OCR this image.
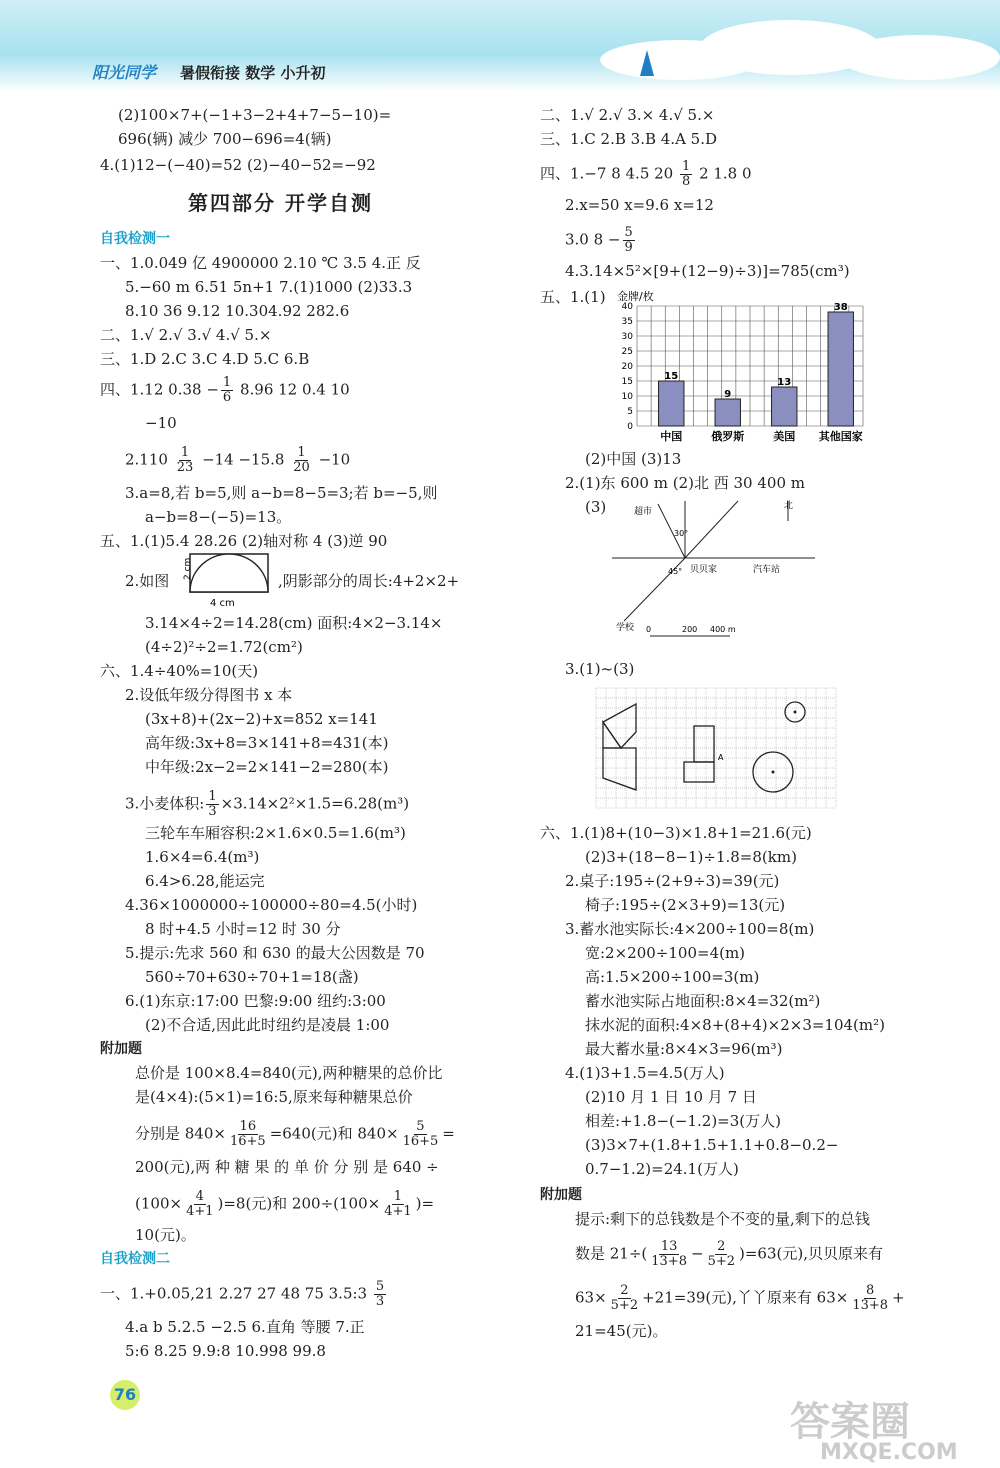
阳光同学 暑假衔接 数学 小升初
(2)100×7+(−1+3−2+4+7−5−10)=
696(辆) 减少 700−696=4(辆)
4.(1)12−(−40)=52 (2)−40−52=−92
第四部分 开学自测
自我检测一
一、1.0.049 亿 4900000 2.10 ℃ 3.5 4.正 反
5.−60 m 6.51 5n+1 7.(1)1000 (2)33.3
8.10 36 9.12 10.304.92 282.6
二、1.√ 2.√ 3.√ 4.√ 5.×
三、1.D 2.C 3.C 4.D 5.C 6.B
四、1.12 $0.38 - \frac{1}{6} 8.96$ 12 0.4 10
−10
$2.110 \frac{1}{23} -14 -15.8 \frac{1}{20} -10$
3.a=8,若 b=5,则 a−b=8−5=3;若 b=−5,则
a−b=8−(−5)=13。
五、1.(1)5.4 28.26 (2)轴对称 4 (3)逆 90
2.如图
4 cm
2 cm
,阴影部分的周长:4+2×2+
3.14×4÷2=14.28(cm) 面积:4×2−3.14×
(4÷2)²÷2=1.72(cm²)
六、1.4÷40%=10(天)
2.设低年级分得图书 x 本
(3x+8)+(2x−2)+x=852 x=141
高年级:3x+8=3×141+8=431(本)
中年级:2x−2=2×141−2=280(本)
3.小麦体积: $\frac{1}{3} \times 3.14\times 2^2\times 1.5=6.28(m^3)$
三轮车车厢容积:2×1.6×0.5=1.6(m³)
1.6×4=6.4(m³)
6.4>6.28,能运完
4.36×1000000÷100000÷80=4.5(小时)
8 时+4.5 小时=12 时 30 分
5.提示:先求 560 和 630 的最大公因数是 70
560÷70+630÷70+1=18(盏)
6.(1)东京:17:00 巴黎:9:00 纽约:3:00
(2)不合适,因此此时纽约是凌晨 1:00
附加题
总价是 100×8.4=840(元),两种糖果的总价比
是(4×4):(5×1)=16:5,原来每种糖果总价
分别是 $840\times \frac{16}{16+5} =640$(元)和 $840\times \frac{5}{16+5}$ =
200(元),两 种 糖 果 的 单 价 分 别 是 640 ÷
$(100\times \frac{4}{4+1} )=8$(元)和 $200\div(100\times \frac{1}{4+1}$ )=
10(元)。
自我检测二
一、1.+0.05,21 2.27 27 48 75 3.5:3 $\frac{5}{3}$
4.a b 5.2.5 −2.5 6.直角 等腰 7.正
5:6 8.25 9.9:8 10.998 99.8
二、1.√ 2.√ 3.× 4.√ 5.×
三、1.C 2.B 3.B 4.A 5.D
四、1.−7 8 4.5 $20 \frac{1}{8} 2$ 1.8 0
2.x=50 x=9.6 x=12
3.0 $8 - \frac{5}{9}$
4.3.14×5²×[9+(12−9)÷3)]=785(cm³)
五、1.(1) 金牌/枚
0
5
10
15
20
25
30
35
40
15
9
13
38
中国	俄罗斯	美国 其他国家
(2)中国 (3)13
2.(1)东 600 m (2)北 西 30 400 m
(3)	北
超市
30°
45° 贝贝家	汽车站
学校 0	200 400 m
3.(1)~(3)
A
六、1.(1)8+(10−3)×1.8+1=21.6(元)
(2)3+(18−8−1)÷1.8=8(km)
2.桌子:195÷(2+9÷3)=39(元)
椅子:195÷(2×3+9)=13(元)
3.蓄水池实际长:4×200÷100=8(m)
宽:2×200÷100=4(m)
高:1.5×200÷100=3(m)
蓄水池实际占地面积:8×4=32(m²)
抹水泥的面积:4×8+(8+4)×2×3=104(m²)
最大蓄水量:8×4×3=96(m³)
4.(1)3+1.5=4.5(万人)
(2)10 月 1 日 10 月 7 日
相差:+1.8−(−1.2)=3(万人)
(3)3×7+(1.8+1.5+1.1+0.8−0.2−
0.7−1.2)=24.1(万人)
附加题
提示:剩下的总钱数是个不变的量,剩下的总钱
数是 $21\div( \frac{13}{13+8} - \frac{2}{5+2} )=63$(元),贝贝原来有
$63\times \frac{2}{5+2} +21=39$(元),丫丫原来有 $63\times \frac{8}{13+8}$ +
21=45(元)。
76
答案圈
MXQE.COM
